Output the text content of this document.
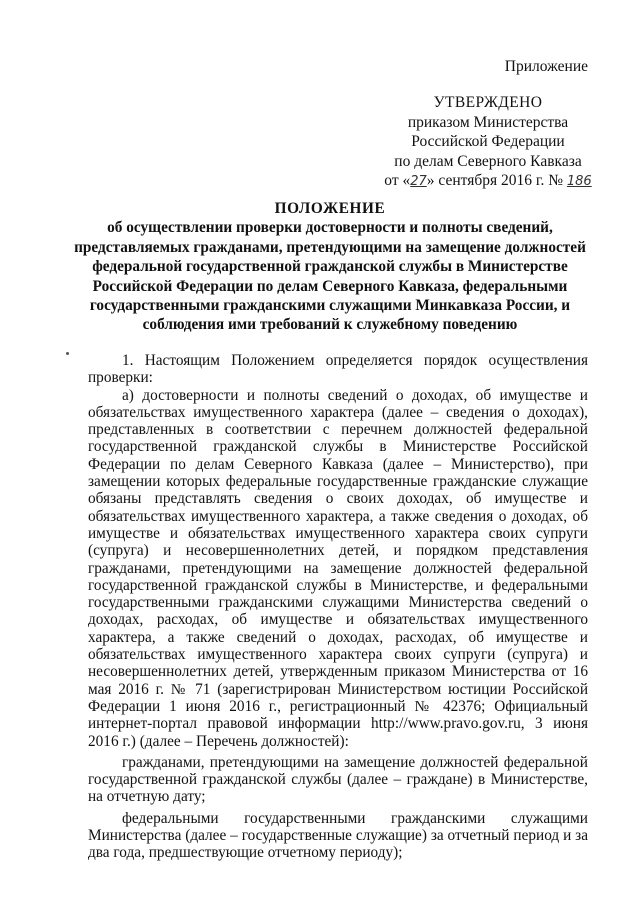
Приложение
УТВЕРЖДЕНО
приказом Министерства
Российской Федерации
по делам Северного Кавказа
от «27» сентября 2016 г. № 186
ПОЛОЖЕНИЕ
об осуществлении проверки достоверности и полноты сведений, представляемых гражданами, претендующими на замещение должностей федеральной государственной гражданской службы в Министерстве Российской Федерации по делам Северного Кавказа, федеральными государственными гражданскими служащими Минкавказа России, и соблюдения ими требований к служебному поведению

1. Настоящим Положением определяется порядок осуществления проверки:

а) достоверности и полноты сведений о доходах, об имуществе и обязательствах имущественного характера (далее – сведения о доходах), представленных в соответствии с перечнем должностей федеральной государственной гражданской службы в Министерстве Российской Федерации по делам Северного Кавказа (далее – Министерство), при замещении которых федеральные государственные гражданские служащие обязаны представлять сведения о своих доходах, об имуществе и обязательствах имущественного характера, а также сведения о доходах, об имуществе и обязательствах имущественного характера своих супруги (супруга) и несовершеннолетних детей, и порядком представления гражданами, претендующими на замещение должностей федеральной государственной гражданской службы в Министерстве, и федеральными государственными гражданскими служащими Министерства сведений о доходах, расходах, об имуществе и обязательствах имущественного характера, а также сведений о доходах, расходах, об имуществе и обязательствах имущественного характера своих супруги (супруга) и несовершеннолетних детей, утвержденным приказом Министерства от 16 мая 2016 г. № 71 (зарегистрирован Министерством юстиции Российской Федерации 1 июня 2016 г., регистрационный № 42376; Официальный интернет-портал правовой информации http://www.pravo.gov.ru, 3 июня 2016 г.) (далее – Перечень должностей):

гражданами, претендующими на замещение должностей федеральной государственной гражданской службы (далее – граждане) в Министерстве, на отчетную дату;

федеральными государственными гражданскими служащими Министерства (далее – государственные служащие) за отчетный период и за два года, предшествующие отчетному периоду);
